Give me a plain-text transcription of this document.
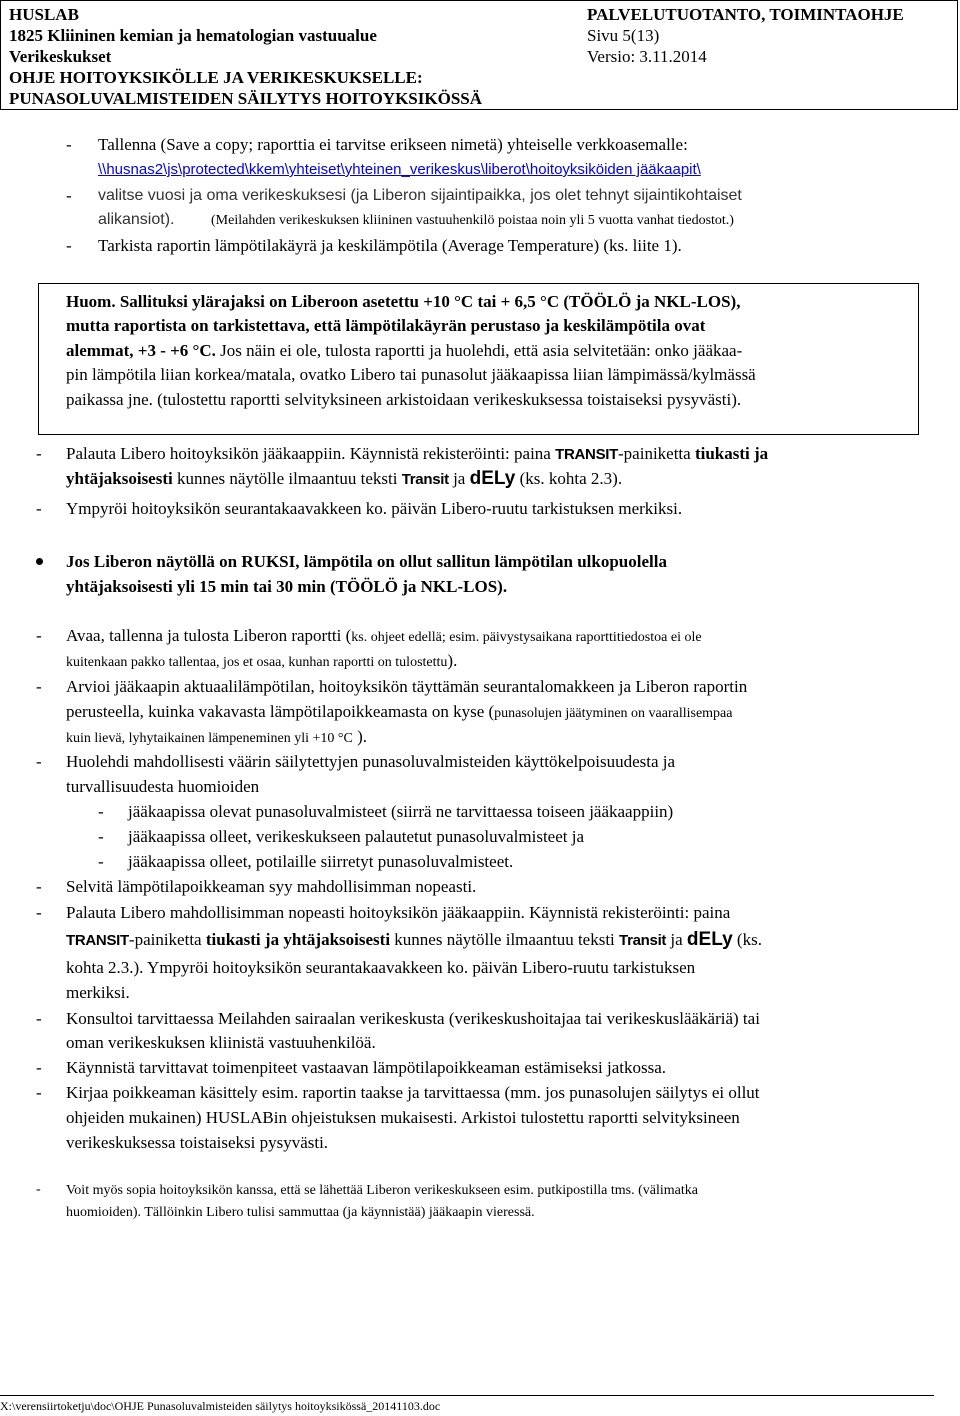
HUSLAB
1825 Kliininen kemian ja hematologian vastuualue
Verikeskukset
OHJE HOITOYKSIKÖLLE JA VERIKESKUKSELLE:
PUNASOLUVALMISTEIDEN SÄILYTYS HOITOYKSIKÖSSÄ
PALVELUTUOTANTO, TOIMINTAOHJE
Sivu 5(13)
Versio: 3.11.2014
- Tallenna (Save a copy; raporttia ei tarvitse erikseen nimetä) yhteiselle verkkoasemalle:
\\husnas2\js\protected\kkem\yhteiset\yhteinen_verikeskus\liberot\hoitoyksiköiden jääkaapit\
- valitse vuosi ja oma verikeskuksesi (ja Liberon sijaintipaikka, jos olet tehnyt sijaintikohtaiset
alikansiot).	(Meilahden verikeskuksen kliininen vastuuhenkilö poistaa noin yli 5 vuotta vanhat tiedostot.)
- Tarkista raportin lämpötilakäyrä ja keskilämpötila (Average Temperature) (ks. liite 1).
Huom. Sallituksi ylärajaksi on Liberoon asetettu +10 °C tai + 6,5 °C (TÖÖLÖ ja NKL-LOS),
mutta raportista on tarkistettava, että lämpötilakäyrän perustaso ja keskilämpötila ovat
alemmat, +3 - +6 °C. Jos näin ei ole, tulosta raportti ja huolehdi, että asia selvitetään: onko jääkaa-
pin lämpötila liian korkea/matala, ovatko Libero tai punasolut jääkaapissa liian lämpimässä/kylmässä
paikassa jne. (tulostettu raportti selvityksineen arkistoidaan verikeskuksessa toistaiseksi pysyvästi).
- Palauta Libero hoitoyksikön jääkaappiin. Käynnistä rekisteröinti: paina TRANSIT-painiketta tiukasti ja
yhtäjaksoisesti kunnes näytölle ilmaantuu teksti Transit ja dELy (ks. kohta 2.3).
- Ympyröi hoitoyksikön seurantakaavakkeen ko. päivän Libero-ruutu tarkistuksen merkiksi.
Jos Liberon näytöllä on RUKSI, lämpötila on ollut sallitun lämpötilan ulkopuolella
yhtäjaksoisesti yli 15 min tai 30 min (TÖÖLÖ ja NKL-LOS).
- Avaa, tallenna ja tulosta Liberon raportti (ks. ohjeet edellä; esim. päivystysaikana raporttitiedostoa ei ole
kuitenkaan pakko tallentaa, jos et osaa, kunhan raportti on tulostettu).
- Arvioi jääkaapin aktuaalilämpötilan, hoitoyksikön täyttämän seurantalomakkeen ja Liberon raportin
perusteella, kuinka vakavasta lämpötilapoikkeamasta on kyse (punasolujen jäätyminen on vaarallisempaa
kuin lievä, lyhytaikainen lämpeneminen yli +10 °C ).
- Huolehdi mahdollisesti väärin säilytettyjen punasoluvalmisteiden käyttökelpoisuudesta ja
turvallisuudesta huomioiden
- jääkaapissa olevat punasoluvalmisteet (siirrä ne tarvittaessa toiseen jääkaappiin)
- jääkaapissa olleet, verikeskukseen palautetut punasoluvalmisteet ja
- jääkaapissa olleet, potilaille siirretyt punasoluvalmisteet.
- Selvitä lämpötilapoikkeaman syy mahdollisimman nopeasti.
- Palauta Libero mahdollisimman nopeasti hoitoyksikön jääkaappiin. Käynnistä rekisteröinti: paina
TRANSIT-painiketta tiukasti ja yhtäjaksoisesti kunnes näytölle ilmaantuu teksti Transit ja dELy (ks.
kohta 2.3.). Ympyröi hoitoyksikön seurantakaavakkeen ko. päivän Libero-ruutu tarkistuksen
merkiksi.
- Konsultoi tarvittaessa Meilahden sairaalan verikeskusta (verikeskushoitajaa tai verikeskuslääkäriä) tai
oman verikeskuksen kliinistä vastuuhenkilöä.
- Käynnistä tarvittavat toimenpiteet vastaavan lämpötilapoikkeaman estämiseksi jatkossa.
- Kirjaa poikkeaman käsittely esim. raportin taakse ja tarvittaessa (mm. jos punasolujen säilytys ei ollut
ohjeiden mukainen) HUSLABin ohjeistuksen mukaisesti. Arkistoi tulostettu raportti selvityksineen
verikeskuksessa toistaiseksi pysyvästi.
- Voit myös sopia hoitoyksikön kanssa, että se lähettää Liberon verikeskukseen esim. putkipostilla tms. (välimatka
huomioiden). Tällöinkin Libero tulisi sammuttaa (ja käynnistää) jääkaapin vieressä.
X:\verensiirtoketju\doc\OHJE Punasoluvalmisteiden säilytys hoitoyksikössä_20141103.doc
